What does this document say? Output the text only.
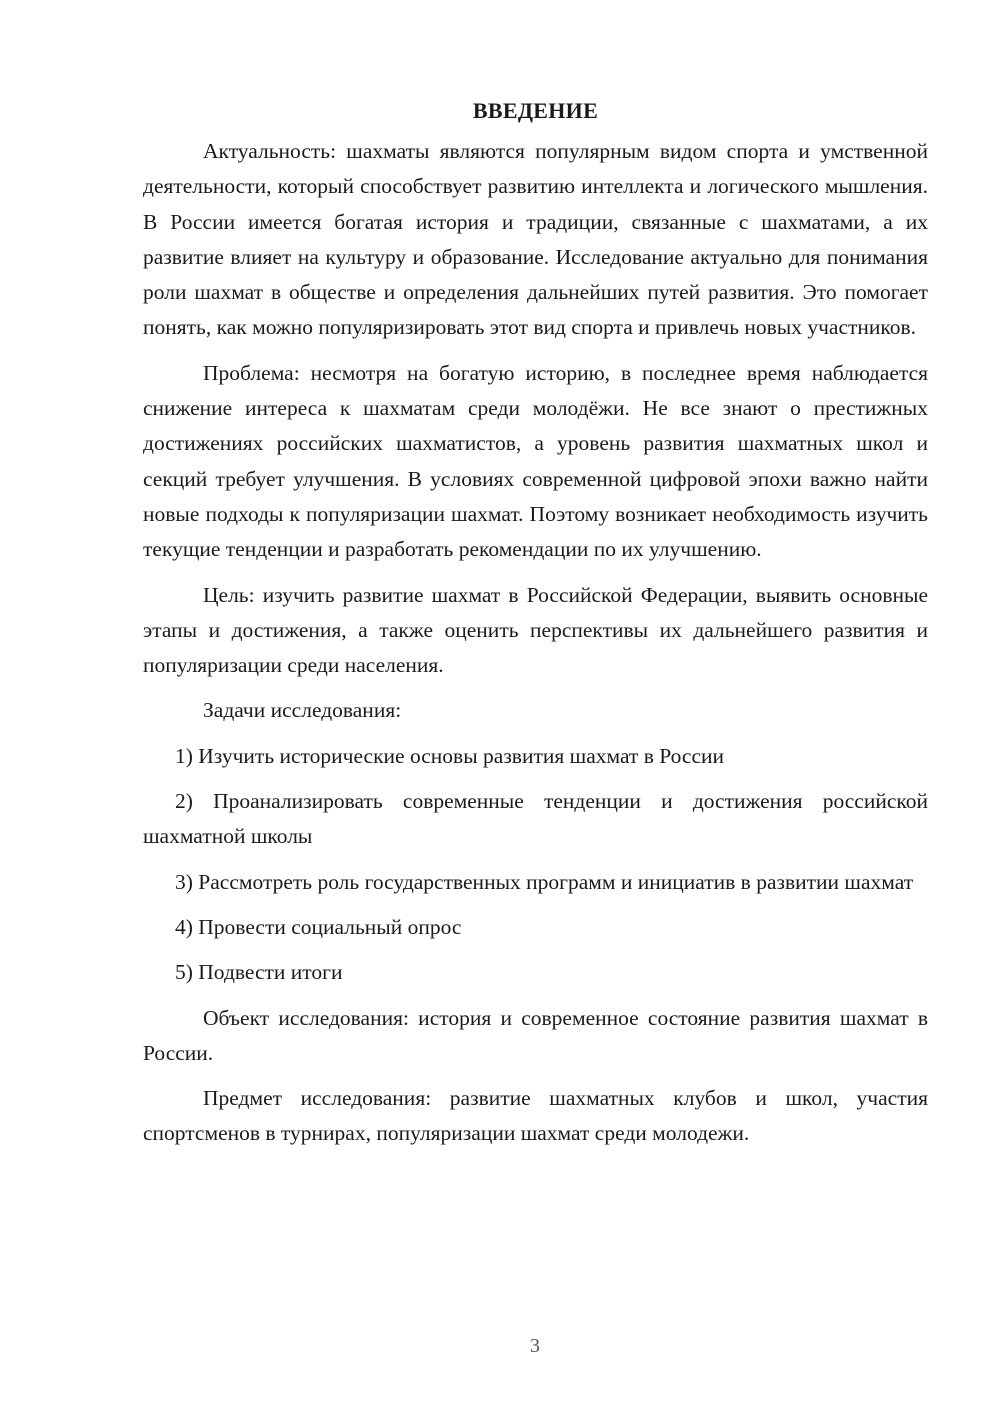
ВВЕДЕНИЕ

Актуальность: шахматы являются популярным видом спорта и умственной деятельности, который способствует развитию интеллекта и логического мышления. В России имеется богатая история и традиции, связанные с шахматами, а их развитие влияет на культуру и образование. Исследование актуально для понимания роли шахмат в обществе и определения дальнейших путей развития. Это помогает понять, как можно популяризировать этот вид спорта и привлечь новых участников.

Проблема: несмотря на богатую историю, в последнее время наблюдается снижение интереса к шахматам среди молодёжи. Не все знают о престижных достижениях российских шахматистов, а уровень развития шахматных школ и секций требует улучшения. В условиях современной цифровой эпохи важно найти новые подходы к популяризации шахмат. Поэтому возникает необходимость изучить текущие тенденции и разработать рекомендации по их улучшению.

Цель: изучить развитие шахмат в Российской Федерации, выявить основные этапы и достижения, а также оценить перспективы их дальнейшего развития и популяризации среди населения.

Задачи исследования:

1) Изучить исторические основы развития шахмат в России

2) Проанализировать современные тенденции и достижения российской шахматной школы

3) Рассмотреть роль государственных программ и инициатив в развитии шахмат

4) Провести социальный опрос

5) Подвести итоги

Объект исследования: история и современное состояние развития шахмат в России.

Предмет исследования: развитие шахматных клубов и школ, участия спортсменов в турнирах, популяризации шахмат среди молодежи.

3
